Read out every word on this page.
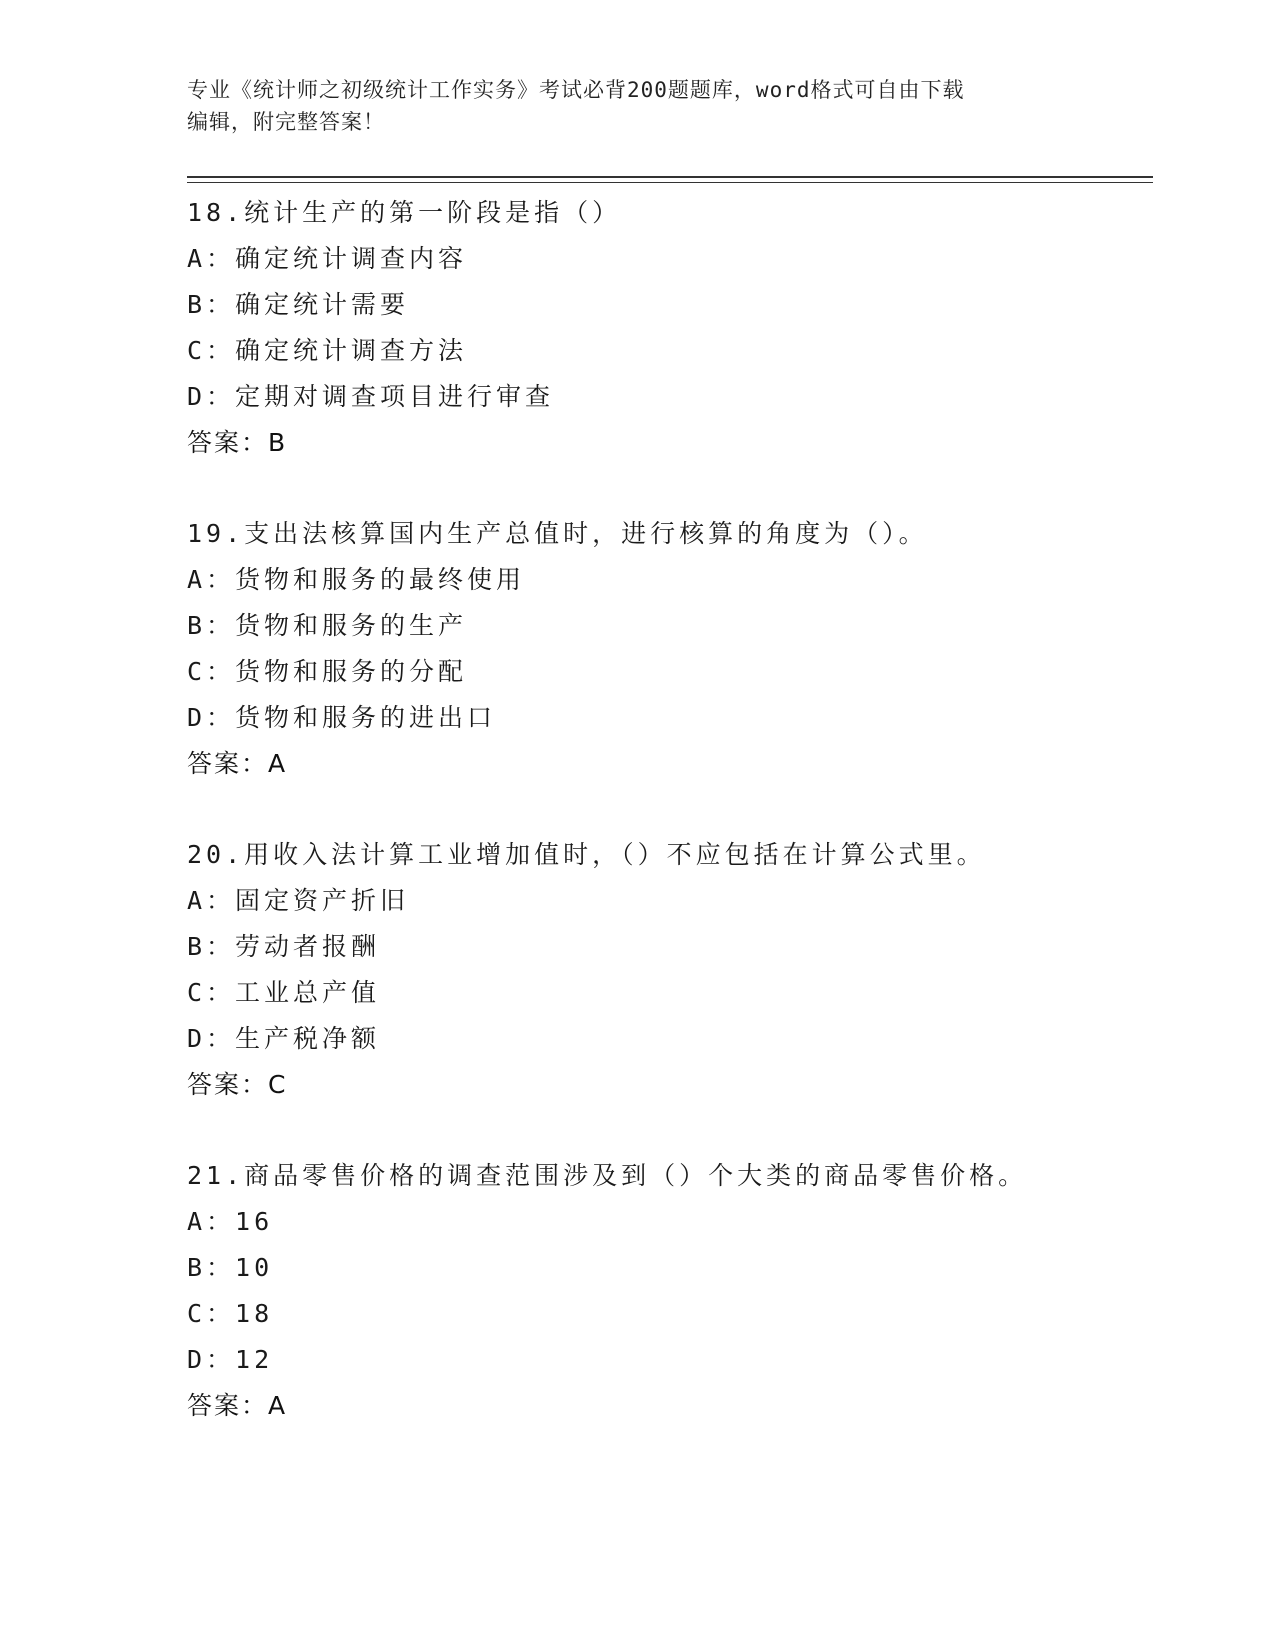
专业《统计师之初级统计工作实务》考试必背200题题库，word格式可自由下载
编辑，附完整答案！
18.统计生产的第一阶段是指（）
A：确定统计调查内容
B：确定统计需要
C：确定统计调查方法
D：定期对调查项目进行审查
答案：B
19.支出法核算国内生产总值时，进行核算的角度为（）。
A：货物和服务的最终使用
B：货物和服务的生产
C：货物和服务的分配
D：货物和服务的进出口
答案：A
20.用收入法计算工业增加值时，（）不应包括在计算公式里。
A：固定资产折旧
B：劳动者报酬
C：工业总产值
D：生产税净额
答案：C
21.商品零售价格的调查范围涉及到（）个大类的商品零售价格。
A：16
B：10
C：18
D：12
答案：A
